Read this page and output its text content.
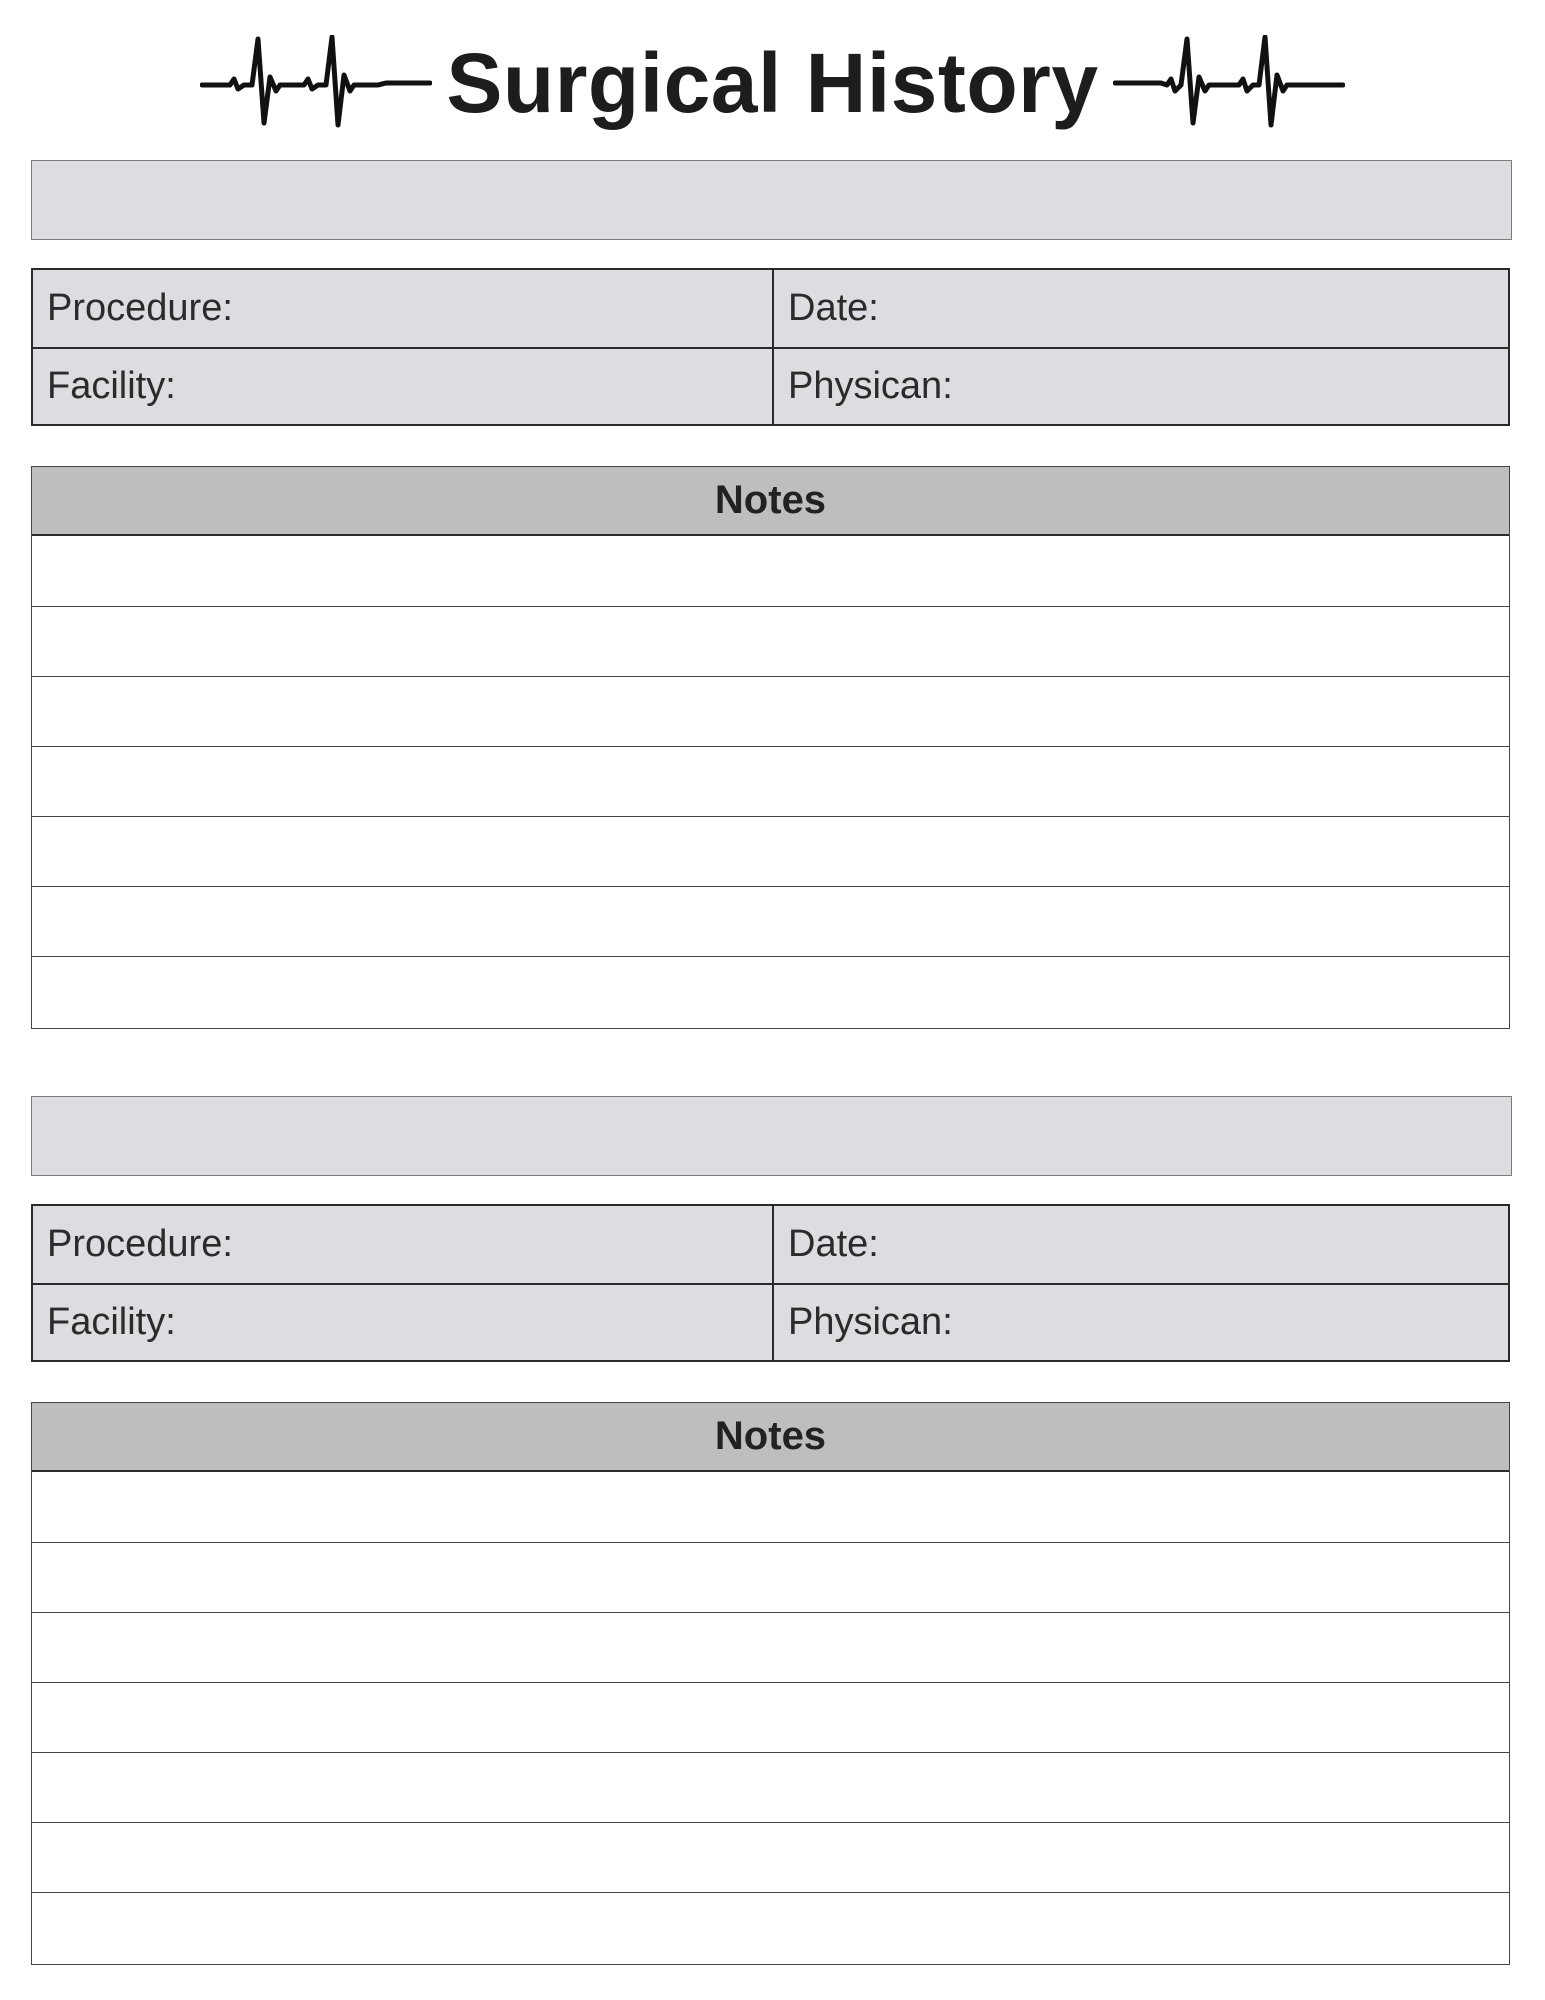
Surgical History
Procedure:	Date:
Facility:	Physican:
Notes
Procedure:	Date:
Facility:	Physican:
Notes
